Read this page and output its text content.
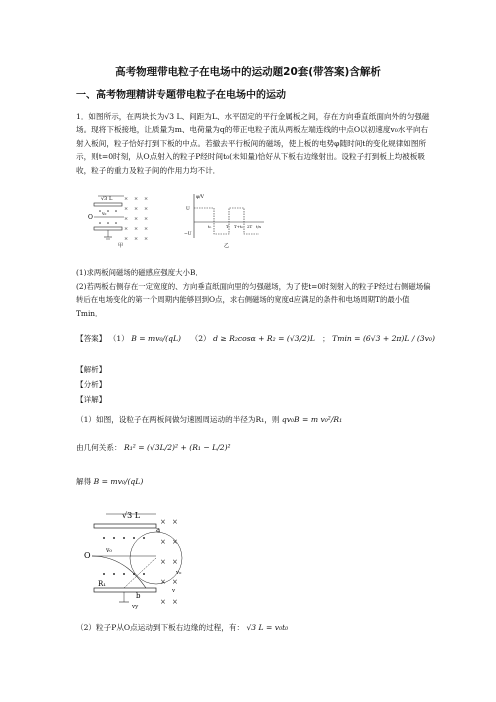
高考物理带电粒子在电场中的运动题20套(带答案)含解析
一、高考物理精讲专题带电粒子在电场中的运动
1．如图所示，在两块长为√3 L、间距为L、水平固定的平行金属板之间，存在方向垂直纸面向外的匀强磁场。现将下板接地，让质量为m、电荷量为q的带正电粒子流从两板左端连线的中点O以初速度v₀水平向右射入板间，粒子恰好打到下板的中点。若撤去平行板间的磁场，使上板的电势φ随时间t的变化规律如图所示，则t=0时刻，从O点射入的粒子P经时间t₀(未知量)恰好从下板右边缘射出。设粒子打到板上均被板吸收，粒子的重力及粒子间的作用力均不计．
√3 L × × ×
× × ×
× × ×
× × ×
× × ×
O v₀
甲
φ/V
U
−U
t₀	T T+t₀ 2T t/s
乙
(1)求两板间磁场的磁感应强度大小B．
(2)若两板右侧存在一定宽度的、方向垂直纸面向里的匀强磁场，为了使t=0时刻射入的粒子P经过右侧磁场偏转后在电场变化的第一个周期内能够回到O点，求右侧磁场的宽度d应满足的条件和电场周期T的最小值Tmin．
【答案】 （1） B = mv₀/(qL) （2） d ≥ R₂cosα + R₂ = (√3/2)L ； Tmin = (6√3 + 2π)L / (3v₀)
【解析】
【分析】
【详解】
（1）如图，设粒子在两板间做匀速圆周运动的半径为R₁，则 qv₀B = m v₀²/R₁
由几何关系： R₁² = (√3L/2)² + (R₁ − L/2)²
解得 B = mv₀/(qL)
√3 L
× ×
× ×
× ×
× ×
× ×
a
O
v₀
b
R₁
vy
v₀
v
（2）粒子P从O点运动到下板右边缘的过程，有： √3 L = v₀t₀
